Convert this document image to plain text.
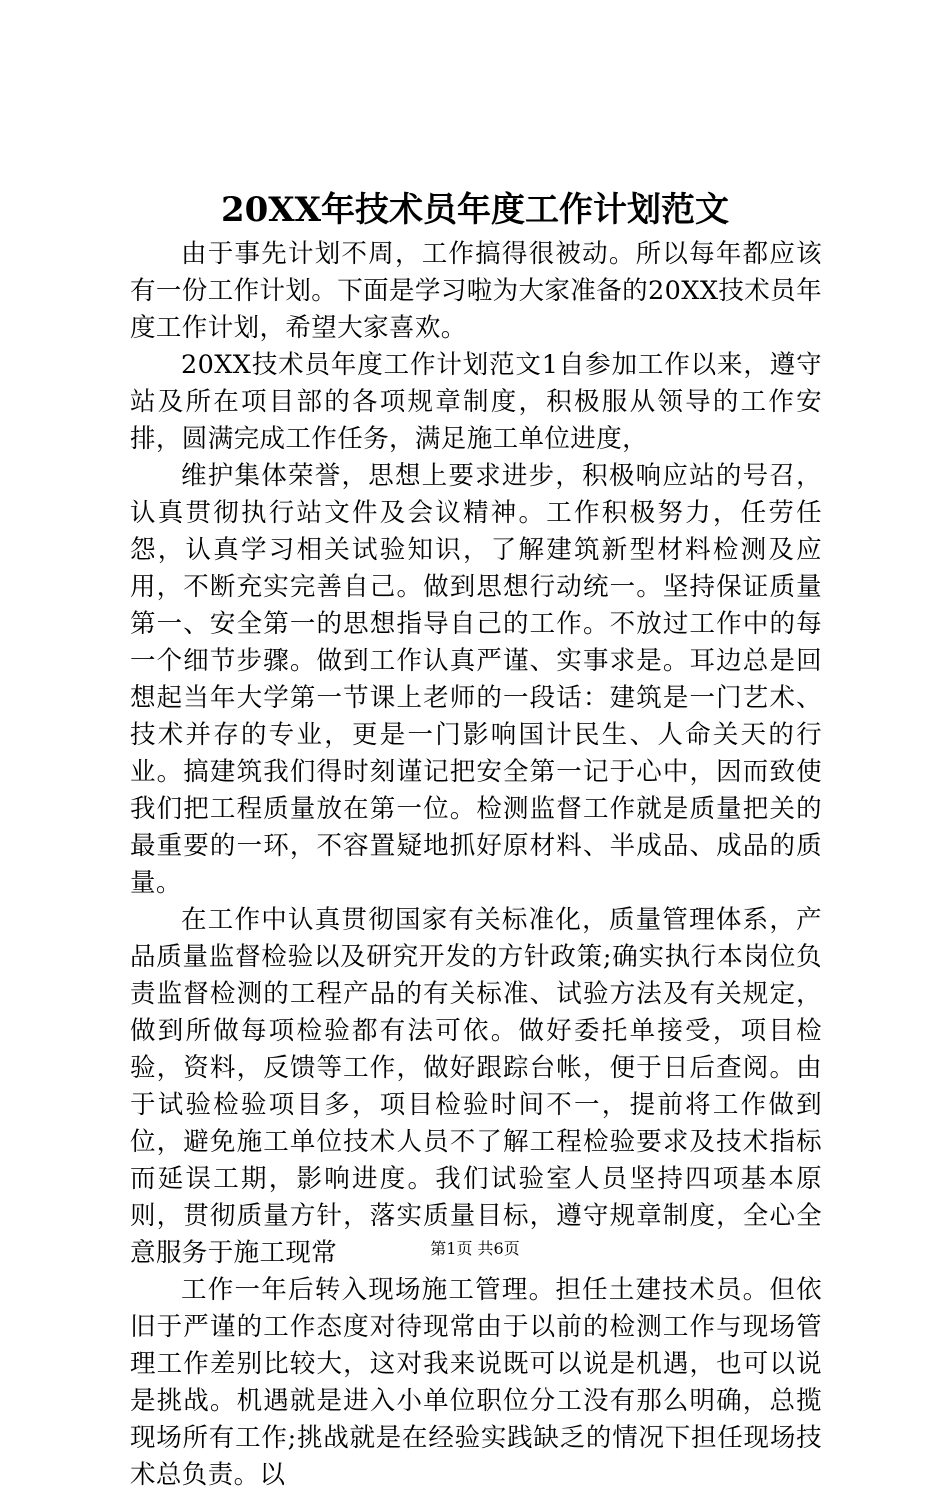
20XX年技术员年度工作计划范文

由于事先计划不周，工作搞得很被动。所以每年都应该有一份工作计划。下面是学习啦为大家准备的20XX技术员年度工作计划，希望大家喜欢。

20XX技术员年度工作计划范文1自参加工作以来，遵守站及所在项目部的各项规章制度，积极服从领导的工作安排，圆满完成工作任务，满足施工单位进度，

维护集体荣誉，思想上要求进步，积极响应站的号召，认真贯彻执行站文件及会议精神。工作积极努力，任劳任怨，认真学习相关试验知识，了解建筑新型材料检测及应用，不断充实完善自己。做到思想行动统一。坚持保证质量第一、安全第一的思想指导自己的工作。不放过工作中的每一个细节步骤。做到工作认真严谨、实事求是。耳边总是回想起当年大学第一节课上老师的一段话：建筑是一门艺术、技术并存的专业，更是一门影响国计民生、人命关天的行业。搞建筑我们得时刻谨记把安全第一记于心中，因而致使我们把工程质量放在第一位。检测监督工作就是质量把关的最重要的一环，不容置疑地抓好原材料、半成品、成品的质量。

在工作中认真贯彻国家有关标准化，质量管理体系，产品质量监督检验以及研究开发的方针政策;确实执行本岗位负责监督检测的工程产品的有关标准、试验方法及有关规定，做到所做每项检验都有法可依。做好委托单接受，项目检验，资料，反馈等工作，做好跟踪台帐，便于日后查阅。由于试验检验项目多，项目检验时间不一，提前将工作做到位，避免施工单位技术人员不了解工程检验要求及技术指标而延误工期，影响进度。我们试验室人员坚持四项基本原则，贯彻质量方针，落实质量目标，遵守规章制度，全心全意服务于施工现常

工作一年后转入现场施工管理。担任土建技术员。但依旧于严谨的工作态度对待现常由于以前的检测工作与现场管理工作差别比较大，这对我来说既可以说是机遇，也可以说是挑战。机遇就是进入小单位职位分工没有那么明确，总揽现场所有工作;挑战就是在经验实践缺乏的情况下担任现场技术总负责。以

第1页 共6页
